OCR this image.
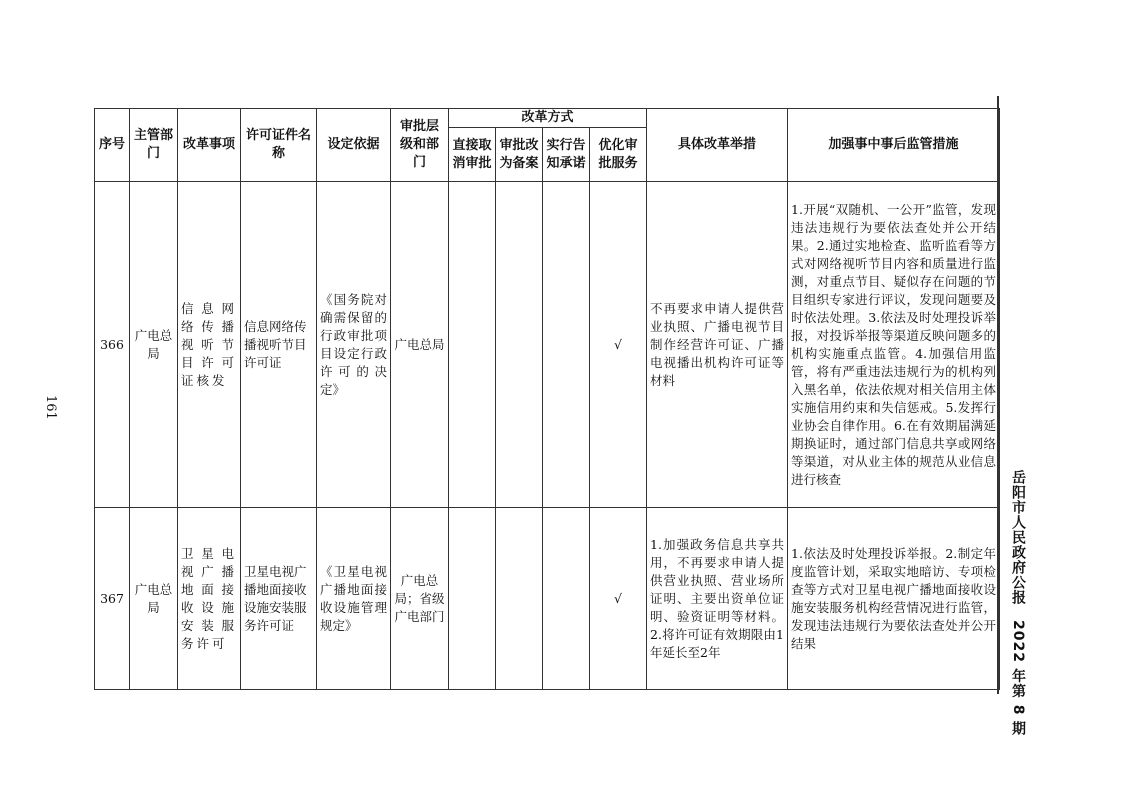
序号	主管部门	改革事项	许可证件名称	设定依据	审批层级和部门	改革方式				具体改革举措	加强事中事后监管措施
						直接取消审批	审批改为备案	实行告知承诺	优化审批服务		
366	广电总局	信息网络传播视听节目许可证核发	信息网络传播视听节目许可证	《国务院对确需保留的行政审批项目设定行政许可的决定》	广电总局				√	不再要求申请人提供营业执照、广播电视节目制作经营许可证、广播电视播出机构许可证等材料	1.开展“双随机、一公开”监管，发现违法违规行为要依法查处并公开结果。2.通过实地检查、监听监看等方式对网络视听节目内容和质量进行监测，对重点节目、疑似存在问题的节目组织专家进行评议，发现问题要及时依法处理。3.依法及时处理投诉举报，对投诉举报等渠道反映问题多的机构实施重点监管。4.加强信用监管，将有严重违法违规行为的机构列入黑名单，依法依规对相关信用主体实施信用约束和失信惩戒。5.发挥行业协会自律作用。6.在有效期届满延期换证时，通过部门信息共享或网络等渠道，对从业主体的规范从业信息进行核查
367	广电总局	卫星电视广播地面接收设施安装服务许可	卫星电视广播地面接收设施安装服务许可证	《卫星电视广播地面接收设施管理规定》	广电总局；省级广电部门				√	1.加强政务信息共享共用，不再要求申请人提供营业执照、营业场所证明、主要出资单位证明、验资证明等材料。2.将许可证有效期限由1年延长至2年	1.依法及时处理投诉举报。2.制定年度监管计划，采取实地暗访、专项检查等方式对卫星电视广播地面接收设施安装服务机构经营情况进行监管，发现违法违规行为要依法查处并公开结果	岳阳市人民政府公报　2022 年第 8 期
161
